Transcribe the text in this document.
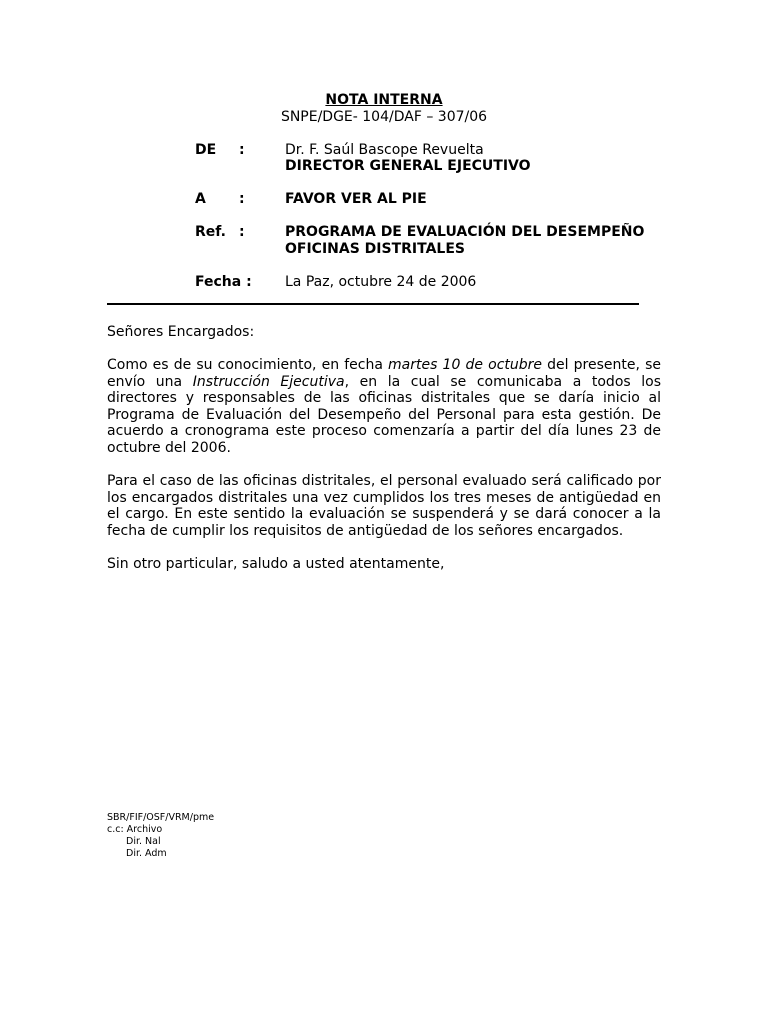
NOTA INTERNA
SNPE/DGE- 104/DAF – 307/06
DE :	Dr. F. Saúl Bascope Revuelta
DIRECTOR GENERAL EJECUTIVO
A :	FAVOR VER AL PIE
Ref. :	PROGRAMA DE EVALUACIÓN DEL DESEMPEÑO
OFICINAS DISTRITALES
Fecha : La Paz, octubre 24 de 2006
Señores Encargados:
Como es de su conocimiento, en fecha martes 10 de octubre del presente, se envío una Instrucción Ejecutiva, en la cual se comunicaba a todos los directores y responsables de las oficinas distritales que se daría inicio al Programa de Evaluación del Desempeño del Personal para esta gestión. De acuerdo a cronograma este proceso comenzaría a partir del día lunes 23 de octubre del 2006.
Para el caso de las oficinas distritales, el personal evaluado será calificado por los encargados distritales una vez cumplidos los tres meses de antigüedad en el cargo. En este sentido la evaluación se suspenderá y se dará conocer a la fecha de cumplir los requisitos de antigüedad de los señores encargados.
Sin otro particular, saludo a usted atentamente,
SBR/FIF/OSF/VRM/pme
c.c: Archivo
Dir. Nal
Dir. Adm
